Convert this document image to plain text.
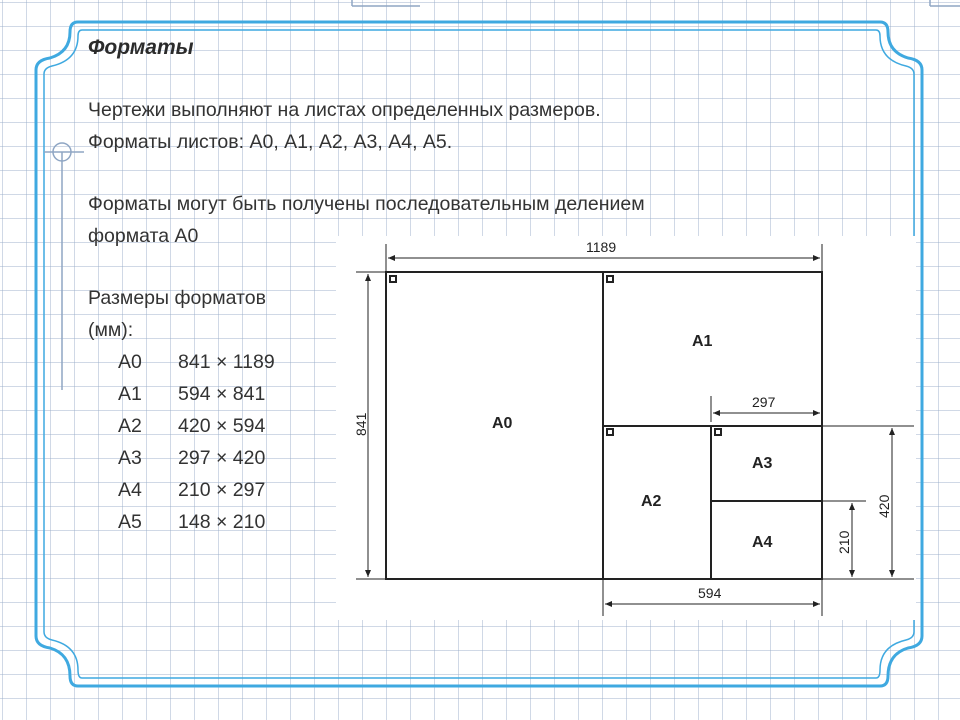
Форматы
Чертежи выполняют на листах определенных размеров.
Форматы листов: А0, А1, А2, А3, А4, А5.
Форматы могут быть получены последовательным делением
формата А0
Размеры форматов
(мм):
А0	841 × 1189
А1	594 × 841
А2	420 × 594
А3	297 × 420
А4	210 × 297
А5	148 × 210
A0
A1
A2
A3
A4
1189
841
297
594
420
210
